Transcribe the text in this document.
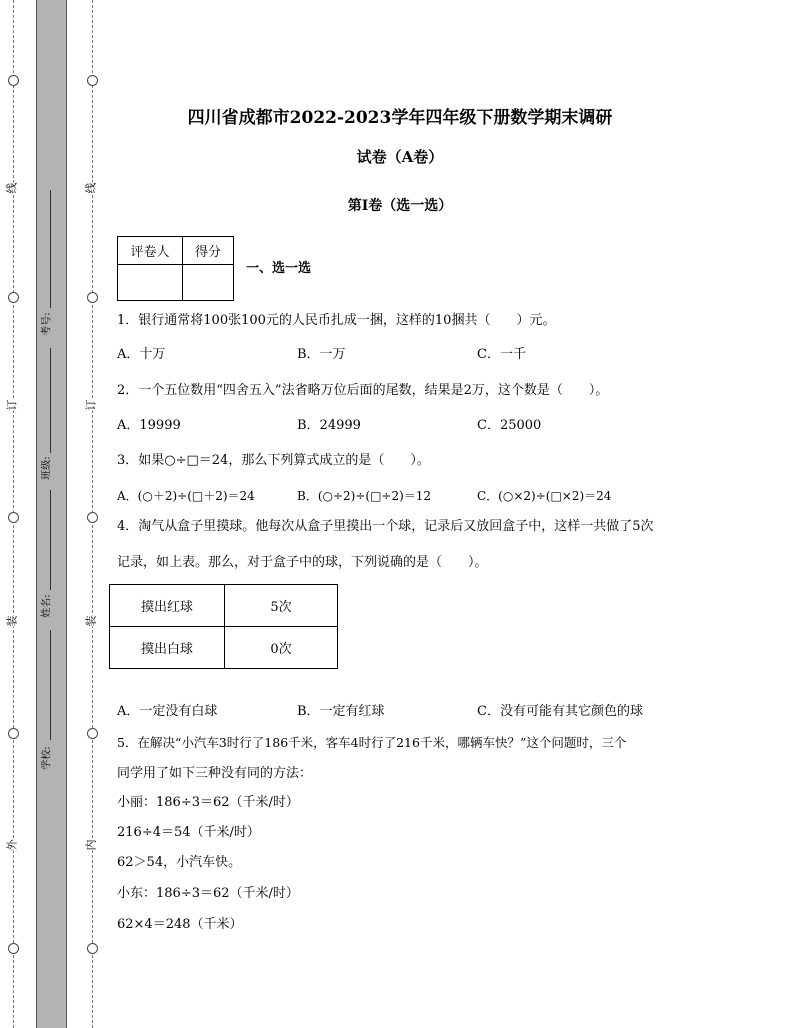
线
订
装
外
线
订
装
内
考号:
班级:
姓名:
学校:
四川省成都市2022-2023学年四年级下册数学期末调研
试卷（A卷）
第Ⅰ卷（选一选）
评卷人	得分

一、选一选
1．银行通常将100张100元的人民币扎成一捆，这样的10捆共（　　）元。
A．十万	B．一万	C．一千
2．一个五位数用“四舍五入”法省略万位后面的尾数，结果是2万，这个数是（　　）。
A．19999	B．24999	C．25000
3．如果○÷□＝24，那么下列算式成立的是（　　）。
A．(○＋2)÷(□＋2)＝24	B．(○÷2)÷(□÷2)＝12	C．(○×2)÷(□×2)＝24
4．淘气从盒子里摸球。他每次从盒子里摸出一个球，记录后又放回盒子中，这样一共做了5次
记录，如上表。那么，对于盒子中的球，下列说确的是（　　）。
摸出红球	5次
摸出白球	0次
A．一定没有白球	B．一定有红球	C．没有可能有其它颜色的球
5．在解决“小汽车3时行了186千米，客车4时行了216千米，哪辆车快？”这个问题时，三个
同学用了如下三种没有同的方法：
小丽：186÷3＝62（千米/时）
216÷4＝54（千米/时）
62＞54，小汽车快。
小东：186÷3＝62（千米/时）
62×4＝248（千米）
